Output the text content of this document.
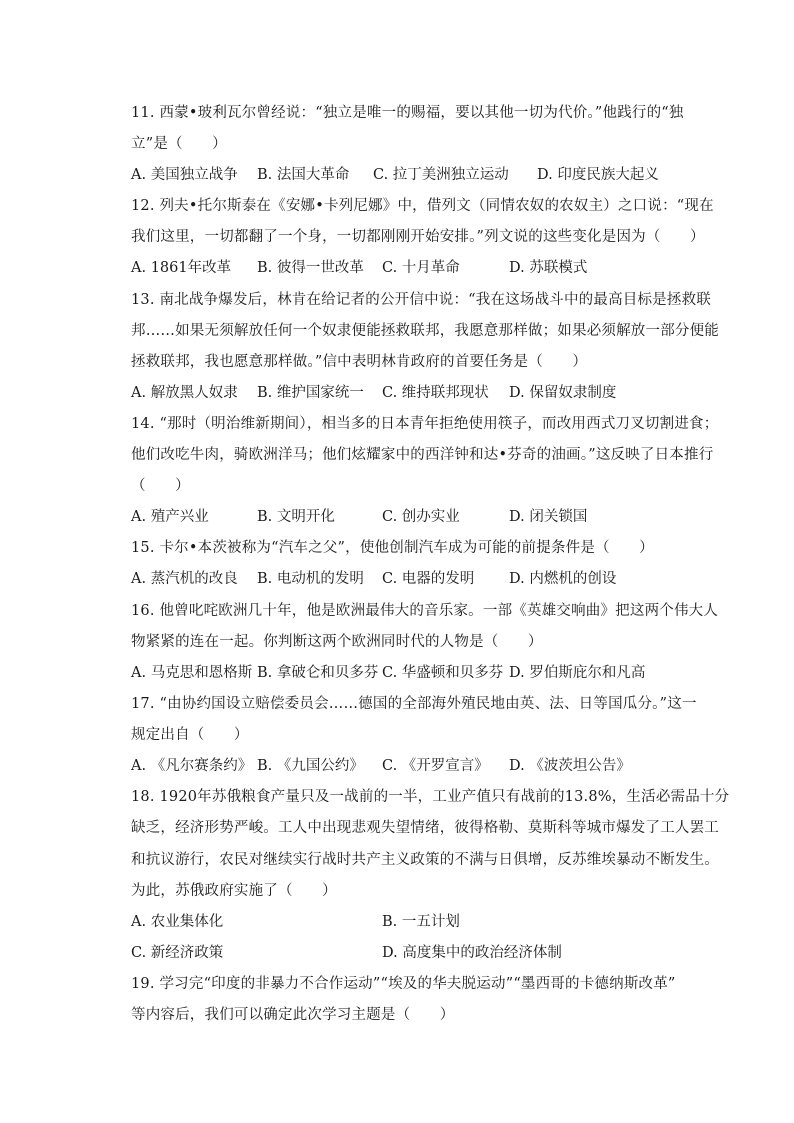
11. 西蒙•玻利瓦尔曾经说：“独立是唯一的赐福，要以其他一切为代价。”他践行的“独
立”是（　　）
A. 美国独立战争 B. 法国大革命 C. 拉丁美洲独立运动 D. 印度民族大起义
12. 列夫•托尔斯泰在《安娜•卡列尼娜》中，借列文（同情农奴的农奴主）之口说：“现在
我们这里，一切都翻了一个身，一切都刚刚开始安排。”列文说的这些变化是因为（　　）
A. 1861年改革 B. 彼得一世改革 C. 十月革命	D. 苏联模式
13. 南北战争爆发后，林肯在给记者的公开信中说：“我在这场战斗中的最高目标是拯救联
邦……如果无须解放任何一个奴隶便能拯救联邦，我愿意那样做；如果必须解放一部分便能
拯救联邦，我也愿意那样做。”信中表明林肯政府的首要任务是（　　）
A. 解放黑人奴隶 B. 维护国家统一 C. 维持联邦现状 D. 保留奴隶制度
14. “那时（明治维新期间），相当多的日本青年拒绝使用筷子，而改用西式刀叉切割进食；
他们改吃牛肉，骑欧洲洋马；他们炫耀家中的西洋钟和达•芬奇的油画。”这反映了日本推行
（　　）
A. 殖产兴业	B. 文明开化	C. 创办实业	D. 闭关锁国
15. 卡尔•本茨被称为“汽车之父”，使他创制汽车成为可能的前提条件是（　　）
A. 蒸汽机的改良 B. 电动机的发明 C. 电器的发明 D. 内燃机的创设
16. 他曾叱咤欧洲几十年，他是欧洲最伟大的音乐家。一部《英雄交响曲》把这两个伟大人
物紧紧的连在一起。你判断这两个欧洲同时代的人物是（　　）
A. 马克思和恩格斯 B. 拿破仑和贝多芬 C. 华盛顿和贝多芬 D. 罗伯斯庇尔和凡高
17. “由协约国设立赔偿委员会……德国的全部海外殖民地由英、法、日等国瓜分。”这一
规定出自（　　）
A. 《凡尔赛条约》 B. 《九国公约》 C. 《开罗宣言》 D. 《波茨坦公告》
18. 1920年苏俄粮食产量只及一战前的一半，工业产值只有战前的13.8%，生活必需品十分
缺乏，经济形势严峻。工人中出现悲观失望情绪，彼得格勒、莫斯科等城市爆发了工人罢工
和抗议游行，农民对继续实行战时共产主义政策的不满与日俱增，反苏维埃暴动不断发生。
为此，苏俄政府实施了（　　）
A. 农业集体化	B. 一五计划
C. 新经济政策	D. 高度集中的政治经济体制
19. 学习完“印度的非暴力不合作运动”“埃及的华夫脱运动”“墨西哥的卡德纳斯改革”
等内容后，我们可以确定此次学习主题是（　　）
